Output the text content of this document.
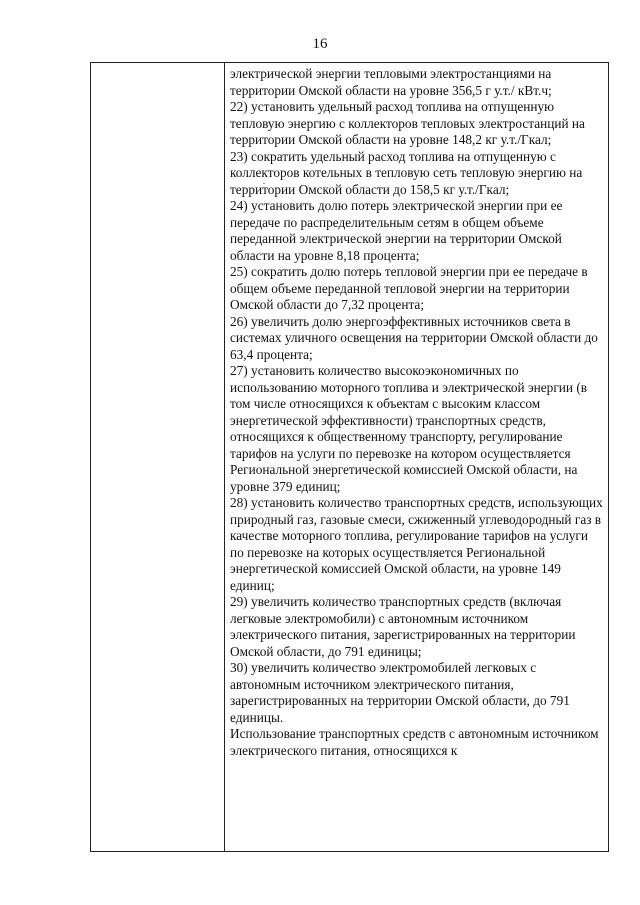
16

электрической энергии тепловыми электростанциями на территории Омской области на уровне 356,5 г у.т./ кВт.ч;

22) установить удельный расход топлива на отпущенную тепловую энергию с коллекторов тепловых электростанций на территории Омской области на уровне 148,2 кг у.т./Гкал;

23) сократить удельный расход топлива на отпущенную с коллекторов котельных в тепловую сеть тепловую энергию на территории Омской области до 158,5 кг у.т./Гкал;

24) установить долю потерь электрической энергии при ее передаче по распределительным сетям в общем объеме переданной электрической энергии на территории Омской области на уровне 8,18 процента;

25) сократить долю потерь тепловой энергии при ее передаче в общем объеме переданной тепловой энергии на территории Омской области до 7,32 процента;

26) увеличить долю энергоэффективных источников света в системах уличного освещения на территории Омской области до 63,4 процента;

27) установить количество высокоэкономичных по использованию моторного топлива и электрической энергии (в том числе относящихся к объектам с высоким классом энергетической эффективности) транспортных средств, относящихся к общественному транспорту, регулирование тарифов на услуги по перевозке на котором осуществляется Региональной энергетической комиссией Омской области, на уровне 379 единиц;

28) установить количество транспортных средств, использующих природный газ, газовые смеси, сжиженный углеводородный газ в качестве моторного топлива, регулирование тарифов на услуги по перевозке на которых осуществляется Региональной энергетической комиссией Омской области, на уровне 149 единиц;

29) увеличить количество транспортных средств (включая легковые электромобили) с автономным источником электрического питания, зарегистрированных на территории Омской области, до 791 единицы;

30) увеличить количество электромобилей легковых с автономным источником электрического питания, зарегистрированных на территории Омской области, до 791 единицы.

Использование транспортных средств с автономным источником электрического питания, относящихся к
